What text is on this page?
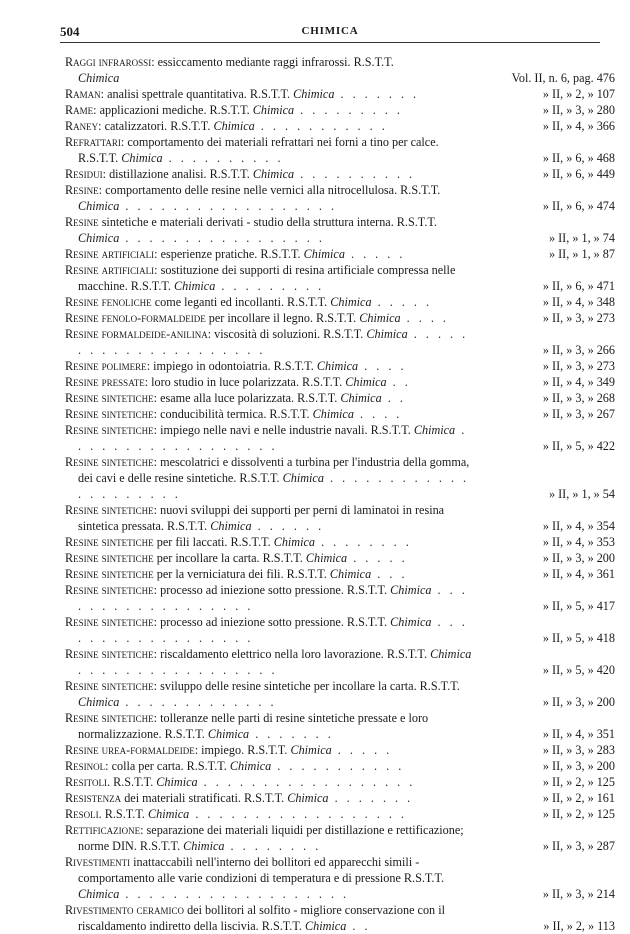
504	CHIMICA
Raggi infrarossi: essiccamento mediante raggi infrarossi. R.S.T.T.
Chimica	Vol. II, n. 6, pag. 476
Raman: analisi spettrale quantitativa. R.S.T.T. Chimica . . . . . . .	» II, » 2, » 107
Rame: applicazioni mediche. R.S.T.T. Chimica . . . . . . . . .	» II, » 3, » 280
Raney: catalizzatori. R.S.T.T. Chimica . . . . . . . . . . .	» II, » 4, » 366
Refrattari: comportamento dei materiali refrattari nei forni a tino per calce. R.S.T.T. Chimica . . . . . . . . . .	» II, » 6, » 468
Residui: distillazione analisi. R.S.T.T. Chimica . . . . . . . . . .	» II, » 6, » 449
Resine: comportamento delle resine nelle vernici alla nitrocellulosa. R.S.T.T. Chimica . . . . . . . . . . . . . . . . . .	» II, » 6, » 474
Resine sintetiche e materiali derivati - studio della struttura interna. R.S.T.T. Chimica . . . . . . . . . . . . . . . . .	» II, » 1, » 74
Resine artificiali: esperienze pratiche. R.S.T.T. Chimica . . . . .	» II, » 1, » 87
Resine artificiali: sostituzione dei supporti di resina artificiale compressa nelle macchine. R.S.T.T. Chimica . . . . . . . . .	» II, » 6, » 471
Resine fenoliche come leganti ed incollanti. R.S.T.T. Chimica . . . . .	» II, » 4, » 348
Resine fenolo-formaldeide per incollare il legno. R.S.T.T. Chimica . . . .	» II, » 3, » 273
Resine formaldeide-anilina: viscosità di soluzioni. R.S.T.T. Chimica . . . . . . . . . . . . . . . . . . . . .	» II, » 3, » 266
Resine polimere: impiego in odontoiatria. R.S.T.T. Chimica . . . .	» II, » 3, » 273
Resine pressate: loro studio in luce polarizzata. R.S.T.T. Chimica . .	» II, » 4, » 349
Resine sintetiche: esame alla luce polarizzata. R.S.T.T. Chimica . .	» II, » 3, » 268
Resine sintetiche: conducibilità termica. R.S.T.T. Chimica . . . .	» II, » 3, » 267
Resine sintetiche: impiego nelle navi e nelle industrie navali. R.S.T.T. Chimica . . . . . . . . . . . . . . . . . .	» II, » 5, » 422
Resine sintetiche: mescolatrici e dissolventi a turbina per l'industria della gomma, dei cavi e delle resine sintetiche. R.S.T.T. Chimica . . . . . . . . . . . . . . . . . . . . .	» II, » 1, » 54
Resine sintetiche: nuovi sviluppi dei supporti per perni di laminatoi in resina sintetica pressata. R.S.T.T. Chimica . . . . . .	» II, » 4, » 354
Resine sintetiche per fili laccati. R.S.T.T. Chimica . . . . . . . .	» II, » 4, » 353
Resine sintetiche per incollare la carta. R.S.T.T. Chimica . . . . .	» II, » 3, » 200
Resine sintetiche per la verniciatura dei fili. R.S.T.T. Chimica . . .	» II, » 4, » 361
Resine sintetiche: processo ad iniezione sotto pressione. R.S.T.T. Chimica . . . . . . . . . . . . . . . . . .	» II, » 5, » 417
Resine sintetiche: processo ad iniezione sotto pressione. R.S.T.T. Chimica . . . . . . . . . . . . . . . . . .	» II, » 5, » 418
Resine sintetiche: riscaldamento elettrico nella loro lavorazione. R.S.T.T. Chimica . . . . . . . . . . . . . . . . .	» II, » 5, » 420
Resine sintetiche: sviluppo delle resine sintetiche per incollare la carta. R.S.T.T. Chimica . . . . . . . . . . . . .	» II, » 3, » 200
Resine sintetiche: tolleranze nelle parti di resine sintetiche pressate e loro normalizzazione. R.S.T.T. Chimica . . . . . . .	» II, » 4, » 351
Resine urea-formaldeide: impiego. R.S.T.T. Chimica . . . . .	» II, » 3, » 283
Resinol: colla per carta. R.S.T.T. Chimica . . . . . . . . . . .	» II, » 3, » 200
Resitoli. R.S.T.T. Chimica . . . . . . . . . . . . . . . . . .	» II, » 2, » 125
Resistenza dei materiali stratificati. R.S.T.T. Chimica . . . . . . .	» II, » 2, » 161
Resoli. R.S.T.T. Chimica . . . . . . . . . . . . . . . . . .	» II, » 2, » 125
Rettificazione: separazione dei materiali liquidi per distillazione e rettificazione; norme DIN. R.S.T.T. Chimica . . . . . . . .	» II, » 3, » 287
Rivestimenti inattaccabili nell'interno dei bollitori ed apparecchi simili - comportamento alle varie condizioni di temperatura e di pressione R.S.T.T. Chimica . . . . . . . . . . . . . . . . . . .	» II, » 3, » 214
Rivestimento ceramico dei bollitori al solfito - migliore conservazione con il riscaldamento indiretto della liscivia. R.S.T.T. Chimica . .	» II, » 2, » 113
